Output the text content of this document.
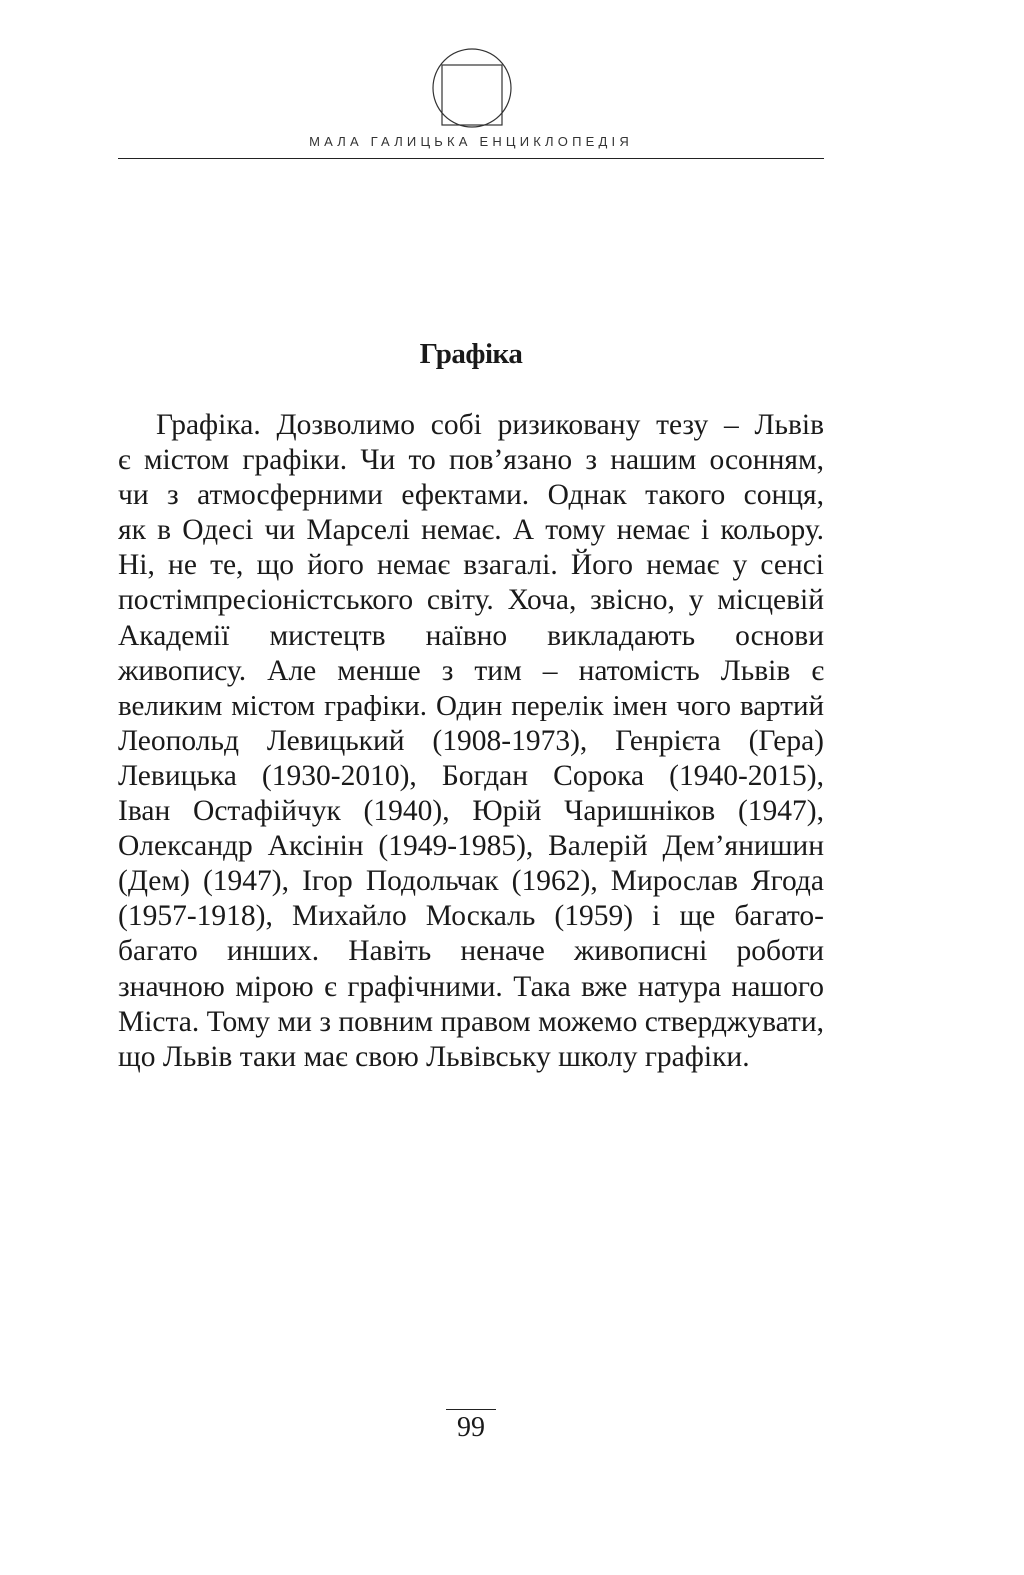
МАЛА ГАЛИЦЬКА ЕНЦИКЛОПЕДІЯ
Графіка
Графіка. Дозволимо собі ризиковану тезу – Львів
є містом графіки. Чи то пов’язано з нашим осонням,
чи з атмосферними ефектами. Однак такого сонця,
як в Одесі чи Марселі немає. А тому немає і кольору.
Ні, не те, що його немає взагалі. Його немає у сенсі
постімпресіоністського світу. Хоча, звісно, у місцевій
Академії мистецтв наївно викладають основи
живопису. Але менше з тим – натомість Львів є
великим містом графіки. Один перелік імен чого вартий
Леопольд Левицький (1908-1973), Генрієта (Гера)
Левицька (1930-2010), Богдан Сорока (1940-2015),
Іван Остафійчук (1940), Юрій Чаришніков (1947),
Олександр Аксінін (1949-1985), Валерій Дем’янишин
(Дем) (1947), Ігор Подольчак (1962), Мирослав Ягода
(1957-1918), Михайло Москаль (1959) і ще багато-
багато инших. Навіть неначе живописні роботи
значною мірою є графічними. Така вже натура нашого
Міста. Тому ми з повним правом можемо стверджувати,
що Львів таки має свою Львівську школу графіки.
99
